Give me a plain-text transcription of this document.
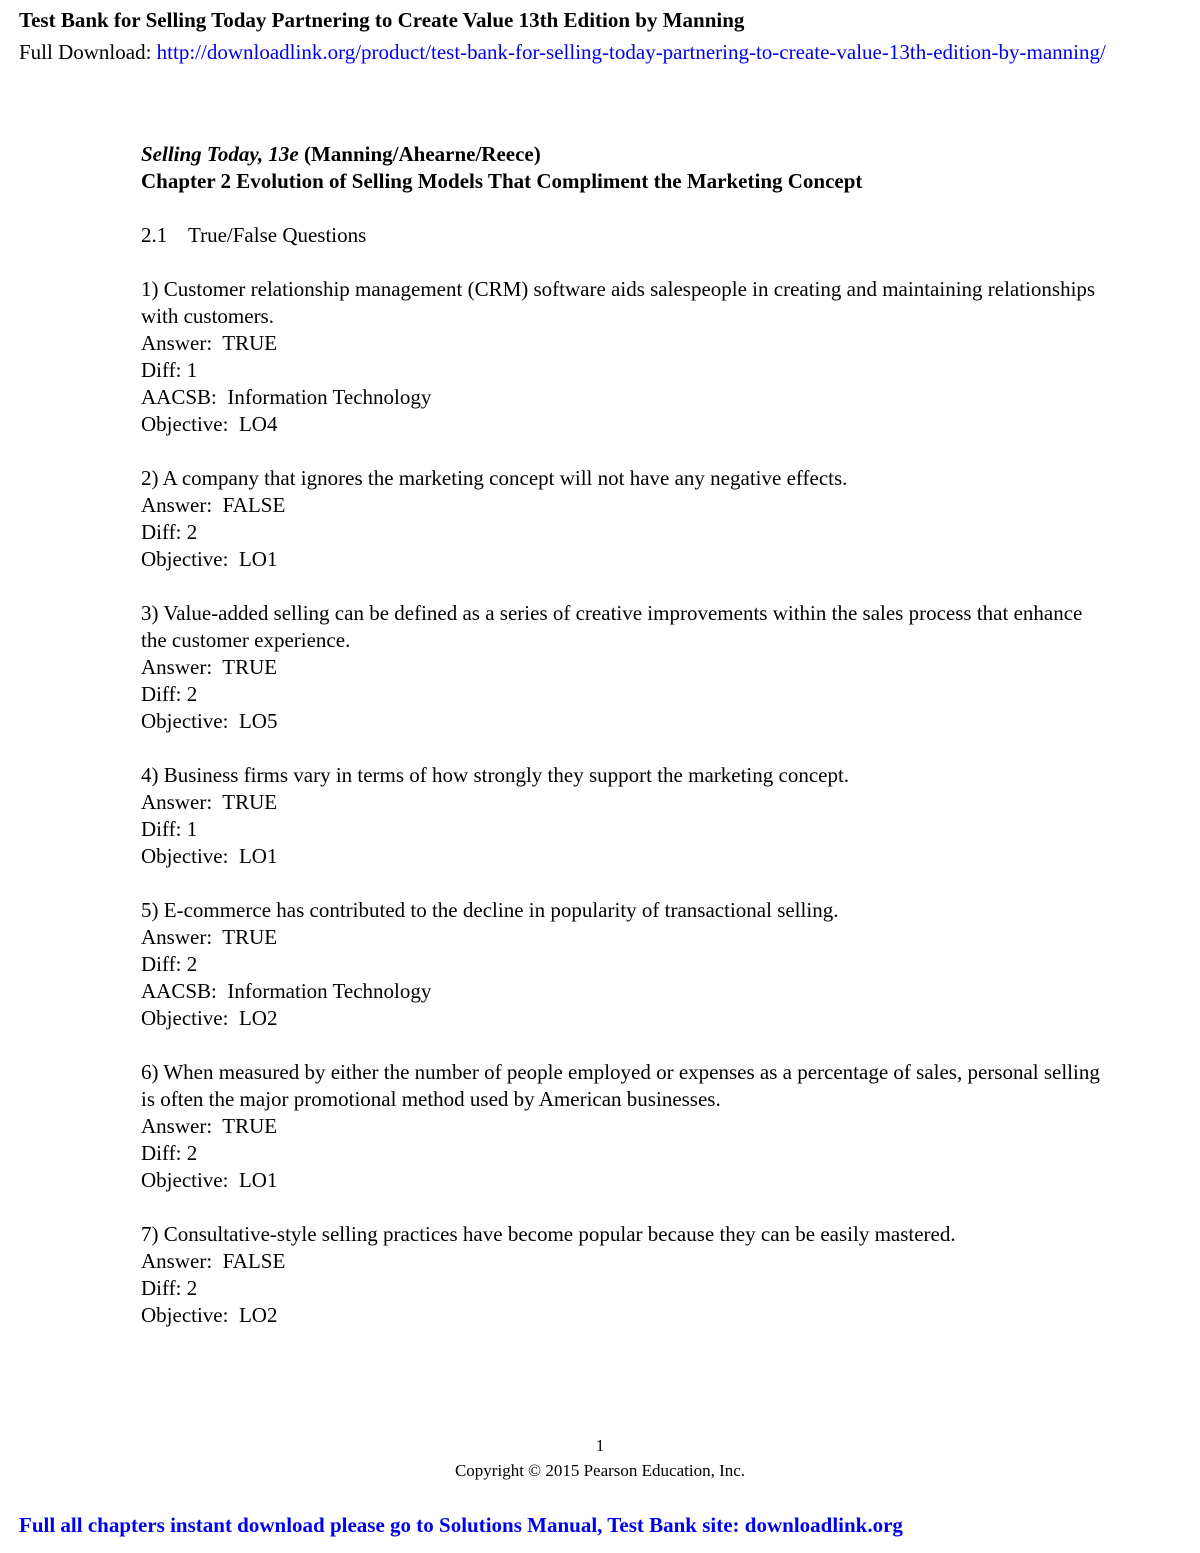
Test Bank for Selling Today Partnering to Create Value 13th Edition by Manning
Full Download: http://downloadlink.org/product/test-bank-for-selling-today-partnering-to-create-value-13th-edition-by-manning/
Selling Today, 13e (Manning/Ahearne/Reece)
Chapter 2 Evolution of Selling Models That Compliment the Marketing Concept
2.1 True/False Questions
1) Customer relationship management (CRM) software aids salespeople in creating and maintaining relationships with customers.
Answer:  TRUE
Diff: 1
AACSB:  Information Technology
Objective:  LO4
2) A company that ignores the marketing concept will not have any negative effects.
Answer:  FALSE
Diff: 2
Objective:  LO1
3) Value-added selling can be defined as a series of creative improvements within the sales process that enhance the customer experience.
Answer:  TRUE
Diff: 2
Objective:  LO5
4) Business firms vary in terms of how strongly they support the marketing concept.
Answer:  TRUE
Diff: 1
Objective:  LO1
5) E-commerce has contributed to the decline in popularity of transactional selling.
Answer:  TRUE
Diff: 2
AACSB:  Information Technology
Objective:  LO2
6) When measured by either the number of people employed or expenses as a percentage of sales, personal selling is often the major promotional method used by American businesses.
Answer:  TRUE
Diff: 2
Objective:  LO1
7) Consultative-style selling practices have become popular because they can be easily mastered.
Answer:  FALSE
Diff: 2
Objective:  LO2
1
Copyright © 2015 Pearson Education, Inc.
Full all chapters instant download please go to Solutions Manual, Test Bank site: downloadlink.org
